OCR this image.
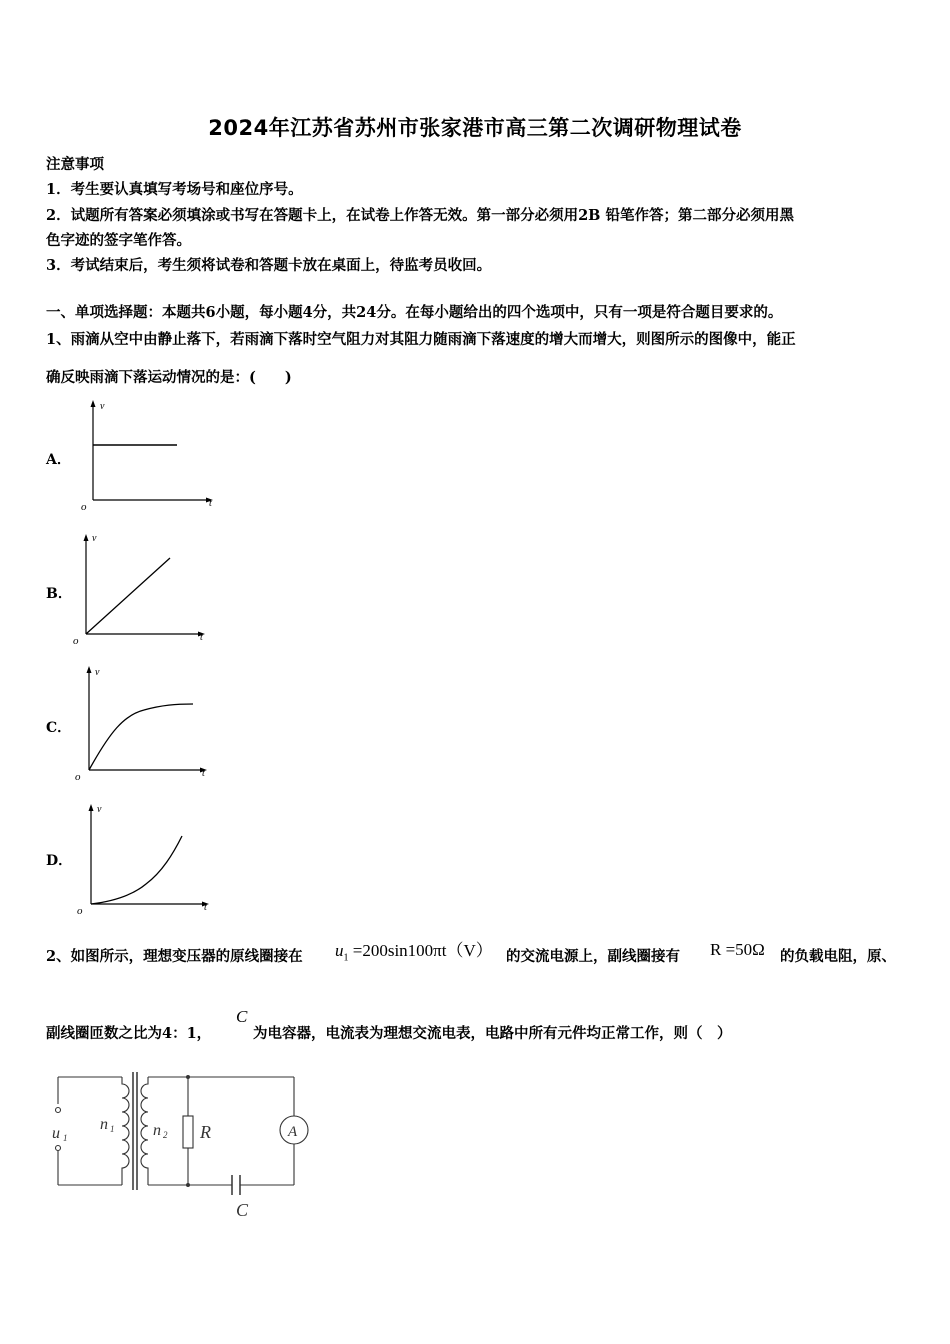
2024年江苏省苏州市张家港市高三第二次调研物理试卷
注意事项
1．考生要认真填写考场号和座位序号。
2．试题所有答案必须填涂或书写在答题卡上，在试卷上作答无效。第一部分必须用2B 铅笔作答；第二部分必须用黑
色字迹的签字笔作答。
3．考试结束后，考生须将试卷和答题卡放在桌面上，待监考员收回。
一、单项选择题：本题共6小题，每小题4分，共24分。在每小题给出的四个选项中，只有一项是符合题目要求的。
1、雨滴从空中由静止落下，若雨滴下落时空气阻力对其阻力随雨滴下落速度的增大而增大，则图所示的图像中，能正
确反映雨滴下落运动情况的是：(　　)
A．
v
t
o
B．
v
t
o
C．
v
t
o
D．
v
t
o
2、如图所示，理想变压器的原线圈接在 $u_1 =200\sin 100\pi t(V)$ 的交流电源上，副线圈接有 R =50Ω 的负载电阻，原、
副线圈匝数之比为4：1，
C
为电容器，电流表为理想交流电表，电路中所有元件均正常工作，则（　）
u 1
n 1 n 2 R	A
C
